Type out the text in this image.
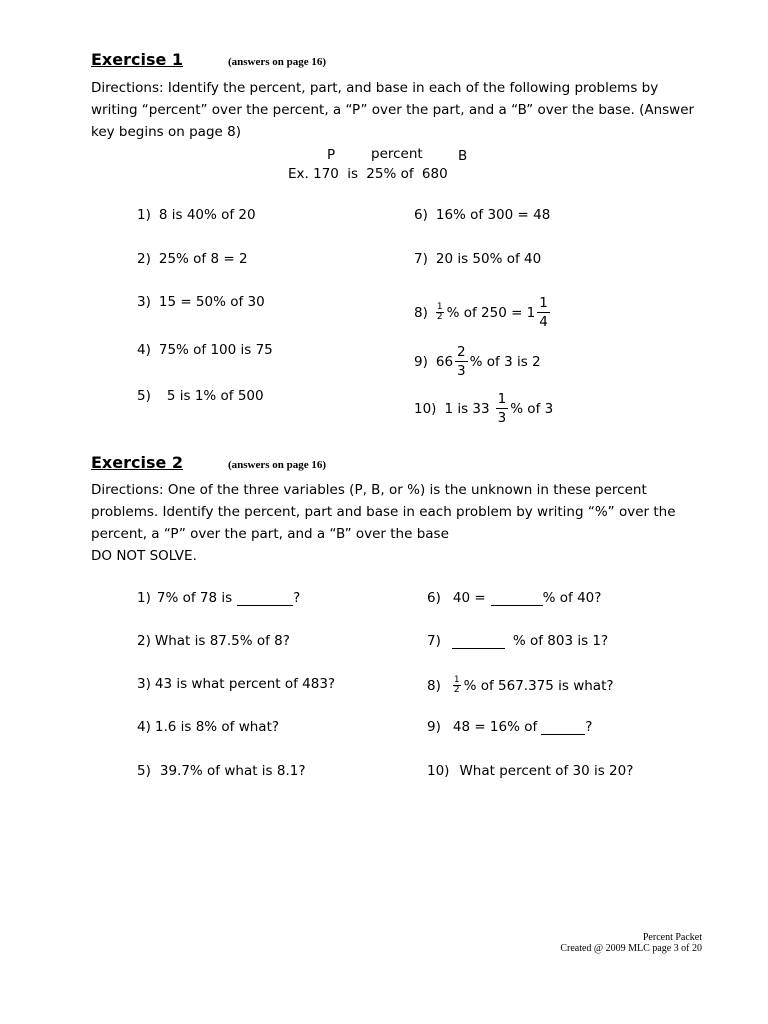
Exercise 1	(answers on page 16)
Directions: Identify the percent, part, and base in each of the following problems by
writing “percent” over the percent, a “P” over the part, and a “B” over the base. (Answer
key begins on page 8)
P	percent	B
Ex. 170 is 25% of 680
1) 8 is 40% of 20
2) 25% of 8 = 2
3) 15 = 50% of 30
4) 75% of 100 is 75
5) 5 is 1% of 500
6) 16% of 300 = 48
7) 20 is 50% of 40
$8) \frac{1}{2}$ % of $250 = 1 \frac{1}{4}$
9) $66 \frac{2}{3}$ % of 3 is 2
10) 1 is $33 \frac{1}{3}$ % of 3
Exercise 2	(answers on page 16)
Directions: One of the three variables (P, B, or %) is the unknown in these percent
problems. Identify the percent, part and base in each problem by writing “%” over the
percent, a “P” over the part, and a “B” over the base
DO NOT SOLVE.
1) 7% of 78 is	?
2) What is 87.5% of 8?
3) 43 is what percent of 483?
4) 1.6 is 8% of what?
5) 39.7% of what is 8.1?
6) 40 =	% of 40?
7)	% of 803 is 1?
$8) \frac{1}{2}$ % of 567.375 is what?
9) 48 = 16% of	?
10) What percent of 30 is 20?
Percent Packet
Created @ 2009 MLC page 3 of 20
